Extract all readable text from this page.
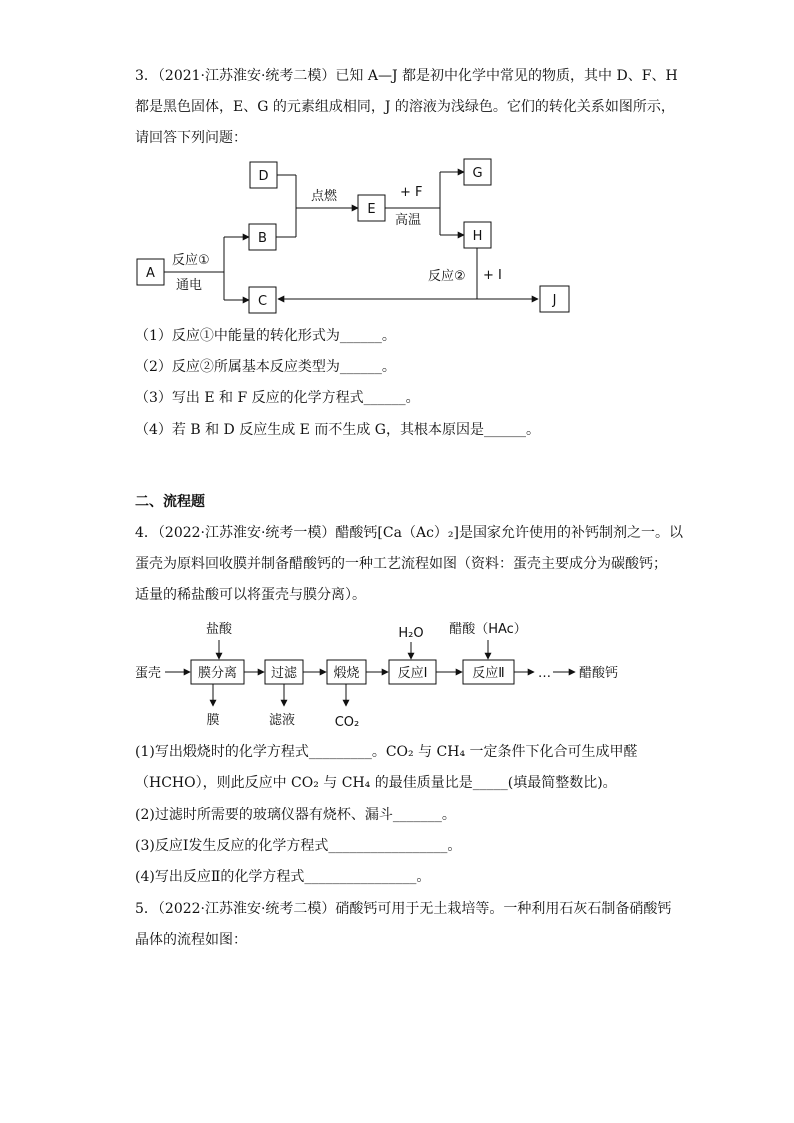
3．（2021·江苏淮安·统考二模）已知 A—J 都是初中化学中常见的物质，其中 D、F、H
都是黑色固体，E、G 的元素组成相同，J 的溶液为浅绿色。它们的转化关系如图所示，
请回答下列问题：
D
B
A
C
E
G
H
J
反应①
通电
点燃	+ F
高温
反应② + I
蛋壳	膜分离	过滤	煅烧	反应Ⅰ	反应Ⅱ	… 醋酸钙
盐酸	H₂O 醋酸（HAc）
膜	滤液	CO₂
（1）反应①中能量的转化形式为______。
（2）反应②所属基本反应类型为______。
（3）写出 E 和 F 反应的化学方程式______。
（4）若 B 和 D 反应生成 E 而不生成 G，其根本原因是______。
二、流程题
4．（2022·江苏淮安·统考一模）醋酸钙[Ca（Ac）₂]是国家允许使用的补钙制剂之一。以
蛋壳为原料回收膜并制备醋酸钙的一种工艺流程如图（资料：蛋壳主要成分为碳酸钙；
适量的稀盐酸可以将蛋壳与膜分离）。
(1)写出煅烧时的化学方程式_________。CO₂ 与 CH₄ 一定条件下化合可生成甲醛
（HCHO），则此反应中 CO₂ 与 CH₄ 的最佳质量比是_____(填最简整数比)。
(2)过滤时所需要的玻璃仪器有烧杯、漏斗_______。
(3)反应Ⅰ发生反应的化学方程式_________________。
(4)写出反应Ⅱ的化学方程式________________。
5．（2022·江苏淮安·统考二模）硝酸钙可用于无土栽培等。一种利用石灰石制备硝酸钙
晶体的流程如图：
